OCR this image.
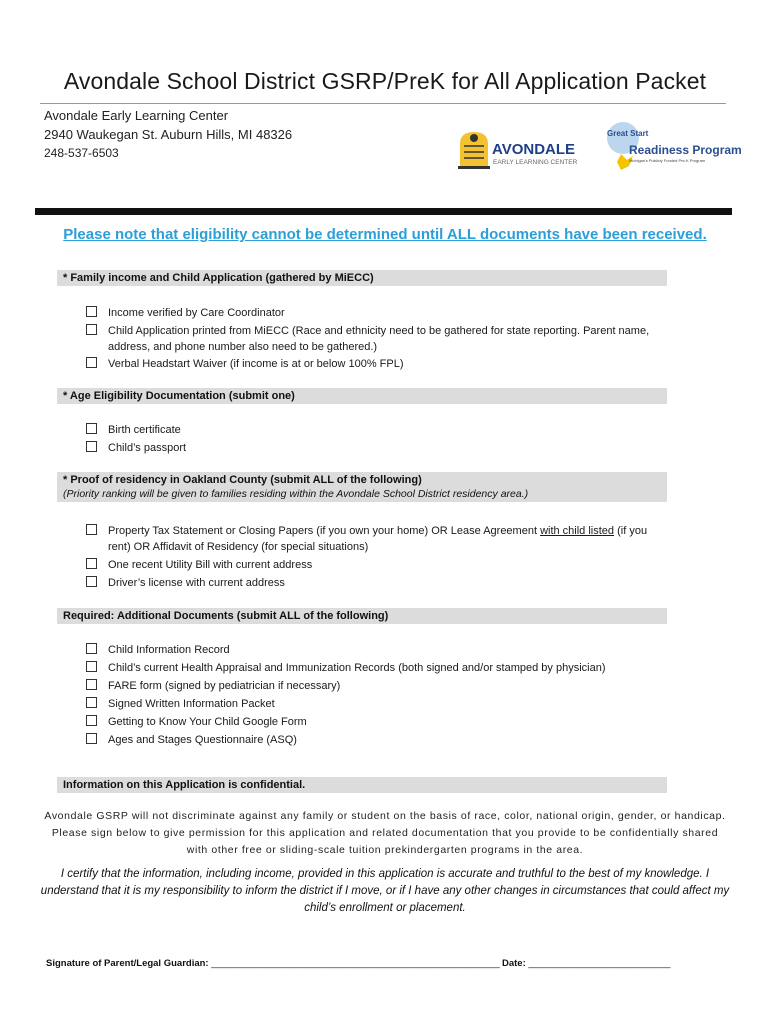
Avondale School District GSRP/PreK for All Application Packet
Avondale Early Learning Center
2940 Waukegan St. Auburn Hills, MI 48326
248-537-6503	AVONDALE
EARLY LEARNING CENTER
Great Start
Readiness Program
Michigan's Publicly Funded Pre-K Program
Please note that eligibility cannot be determined until ALL documents have been received.
* Family income and Child Application (gathered by MiECC)
Income verified by Care Coordinator
Child Application printed from MiECC (Race and ethnicity need to be gathered for state reporting. Parent name, address, and phone number also need to be gathered.)
Verbal Headstart Waiver (if income is at or below 100% FPL)
* Age Eligibility Documentation (submit one)
Birth certificate
Child’s passport
* Proof of residency in Oakland County (submit ALL of the following)
(Priority ranking will be given to families residing within the Avondale School District residency area.)
Property Tax Statement or Closing Papers (if you own your home) OR Lease Agreement with child listed (if you rent) OR Affidavit of Residency (for special situations)
One recent Utility Bill with current address
Driver’s license with current address
Required: Additional Documents (submit ALL of the following)
Child Information Record
Child’s current Health Appraisal and Immunization Records (both signed and/or stamped by physician)
FARE form (signed by pediatrician if necessary)
Signed Written Information Packet
Getting to Know Your Child Google Form
Ages and Stages Questionnaire (ASQ)
Information on this Application is confidential.
Avondale GSRP will not discriminate against any family or student on the basis of race, color, national origin, gender, or handicap.
Please sign below to give permission for this application and related documentation that you provide to be confidentially shared
with other free or sliding-scale tuition prekindergarten programs in the area.
I certify that the information, including income, provided in this application is accurate and truthful to the best of my knowledge. I
understand that it is my responsibility to inform the district if I move, or if I have any other changes in circumstances that could affect my
child’s enrollment or placement.
Signature of Parent/Legal Guardian: ___________________________________________________________ Date: _____________________________
